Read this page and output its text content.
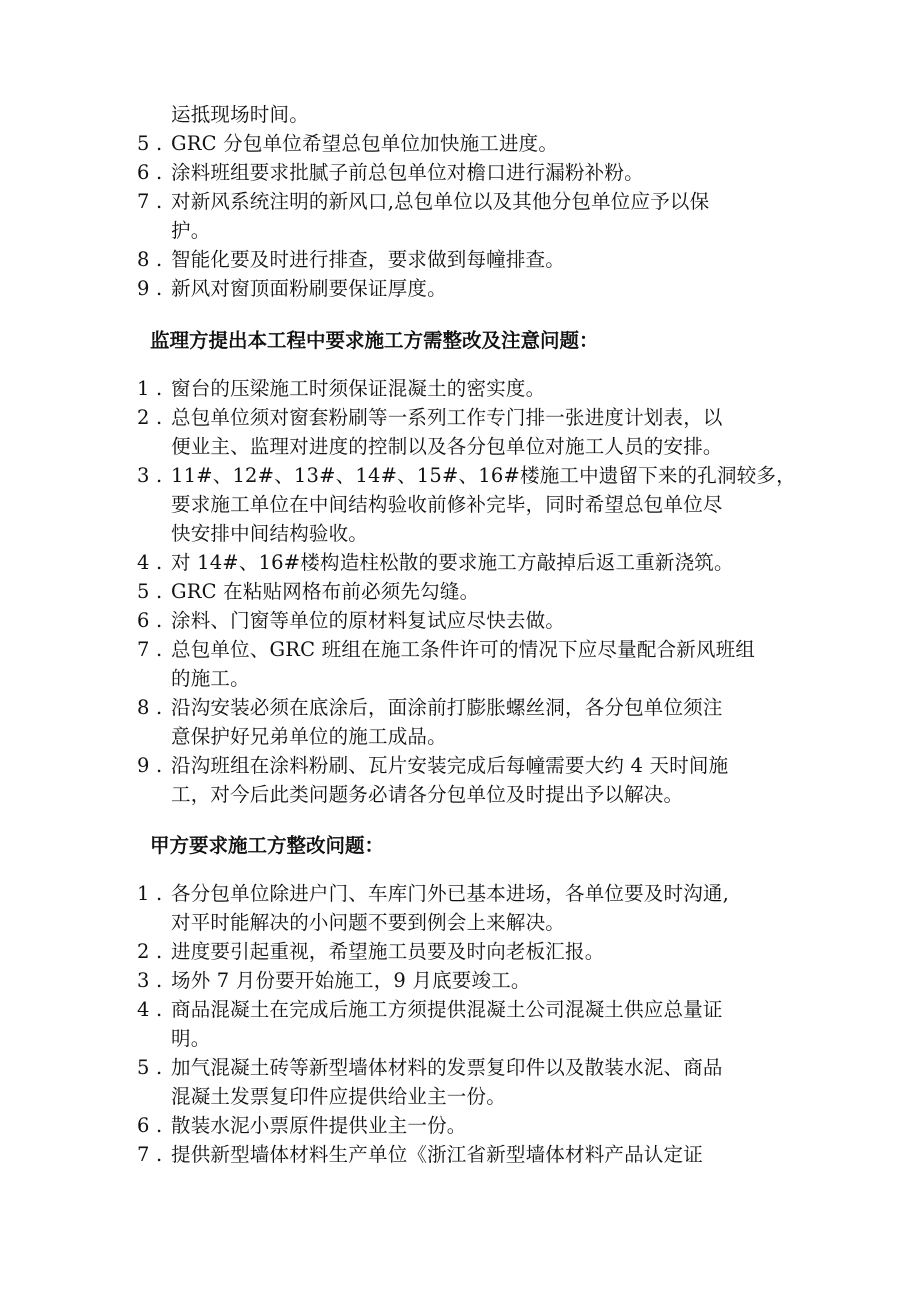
运抵现场时间。
5 . GRC 分包单位希望总包单位加快施工进度。
6 . 涂料班组要求批腻子前总包单位对檐口进行漏粉补粉。
7 . 对新风系统注明的新风口,总包单位以及其他分包单位应予以保
护。
8 . 智能化要及时进行排查，要求做到每幢排查。
9 . 新风对窗顶面粉刷要保证厚度。
监理方提出本工程中要求施工方需整改及注意问题：
1 . 窗台的压梁施工时须保证混凝土的密实度。
2 . 总包单位须对窗套粉刷等一系列工作专门排一张进度计划表，以
便业主、监理对进度的控制以及各分包单位对施工人员的安排。
3 . 11#、12#、13#、14#、15#、16#楼施工中遗留下来的孔洞较多，
要求施工单位在中间结构验收前修补完毕，同时希望总包单位尽
快安排中间结构验收。
4 . 对 14#、16#楼构造柱松散的要求施工方敲掉后返工重新浇筑。
5 . GRC 在粘贴网格布前必须先勾缝。
6 . 涂料、门窗等单位的原材料复试应尽快去做。
7 . 总包单位、GRC 班组在施工条件许可的情况下应尽量配合新风班组
的施工。
8 . 沿沟安装必须在底涂后，面涂前打膨胀螺丝洞，各分包单位须注
意保护好兄弟单位的施工成品。
9 . 沿沟班组在涂料粉刷、瓦片安装完成后每幢需要大约 4 天时间施
工，对今后此类问题务必请各分包单位及时提出予以解决。
甲方要求施工方整改问题：
1 . 各分包单位除进户门、车库门外已基本进场，各单位要及时沟通,
对平时能解决的小问题不要到例会上来解决。
2 . 进度要引起重视，希望施工员要及时向老板汇报。
3 . 场外 7 月份要开始施工，9 月底要竣工。
4 . 商品混凝土在完成后施工方须提供混凝土公司混凝土供应总量证
明。
5 . 加气混凝土砖等新型墙体材料的发票复印件以及散装水泥、商品
混凝土发票复印件应提供给业主一份。
6 . 散装水泥小票原件提供业主一份。
7 . 提供新型墙体材料生产单位《浙江省新型墙体材料产品认定证
